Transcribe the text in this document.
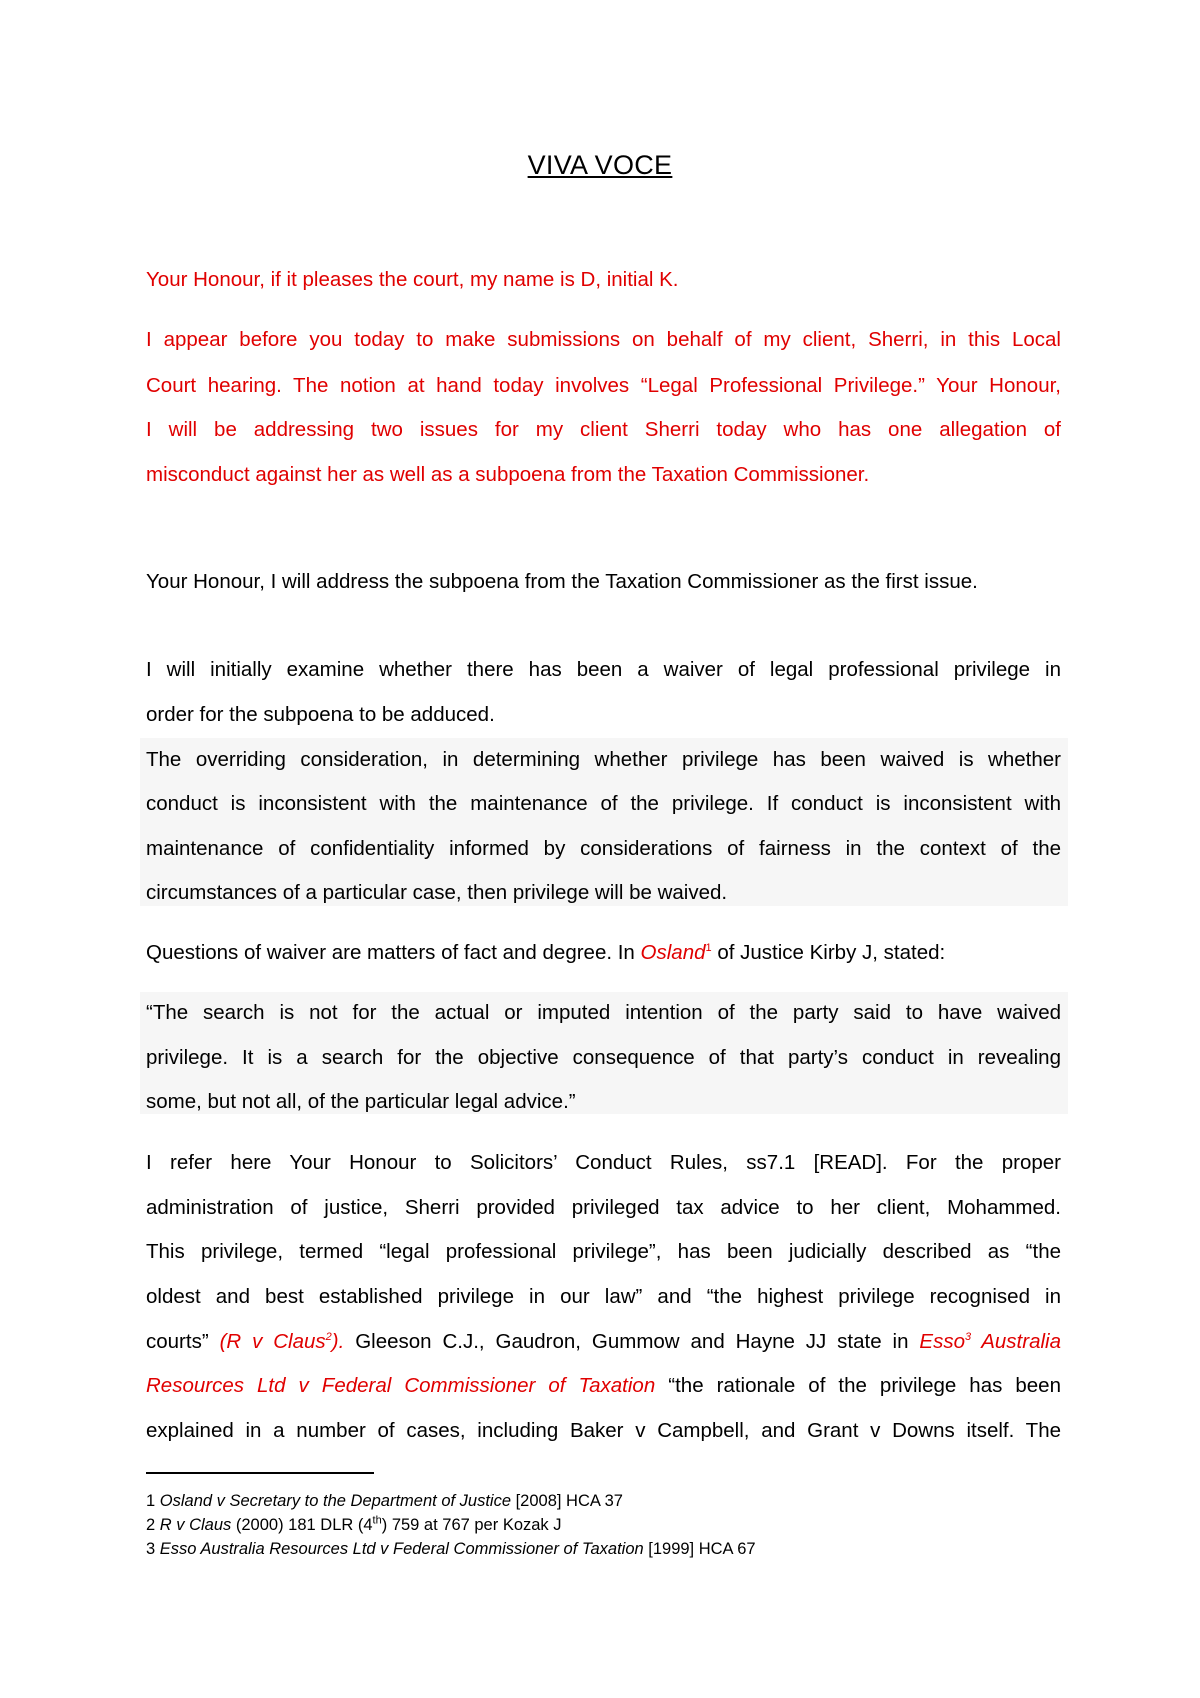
VIVA VOCE
Your Honour, if it pleases the court, my name is D, initial K.
I appear before you today to make submissions on behalf of my client, Sherri, in this Local
Court hearing. The notion at hand today involves “Legal Professional Privilege.” Your Honour,
I will be addressing two issues for my client Sherri today who has one allegation of
misconduct against her as well as a subpoena from the Taxation Commissioner.
Your Honour, I will address the subpoena from the Taxation Commissioner as the first issue.
I will initially examine whether there has been a waiver of legal professional privilege in
order for the subpoena to be adduced.
The overriding consideration, in determining whether privilege has been waived is whether
conduct is inconsistent with the maintenance of the privilege. If conduct is inconsistent with
maintenance of confidentiality informed by considerations of fairness in the context of the
circumstances of a particular case, then privilege will be waived.
Questions of waiver are matters of fact and degree. In Osland$^1$ of Justice Kirby J, stated:
“The search is not for the actual or imputed intention of the party said to have waived
privilege. It is a search for the objective consequence of that party’s conduct in revealing
some, but not all, of the particular legal advice.”
I refer here Your Honour to Solicitors’ Conduct Rules, ss7.1 [READ]. For the proper
administration of justice, Sherri provided privileged tax advice to her client, Mohammed.
This privilege, termed “legal professional privilege”, has been judicially described as “the
oldest and best established privilege in our law” and “the highest privilege recognised in
courts” (R v Claus$^2$). Gleeson C.J., Gaudron, Gummow and Hayne JJ state in Esso$^3$ Australia
Resources Ltd v Federal Commissioner of Taxation “the rationale of the privilege has been
explained in a number of cases, including Baker v Campbell, and Grant v Downs itself. The
1 Osland v Secretary to the Department of Justice [2008] HCA 37
2 R v Claus (2000) 181 DLR (4th) 759 at 767 per Kozak J
3 Esso Australia Resources Ltd v Federal Commissioner of Taxation [1999] HCA 67
